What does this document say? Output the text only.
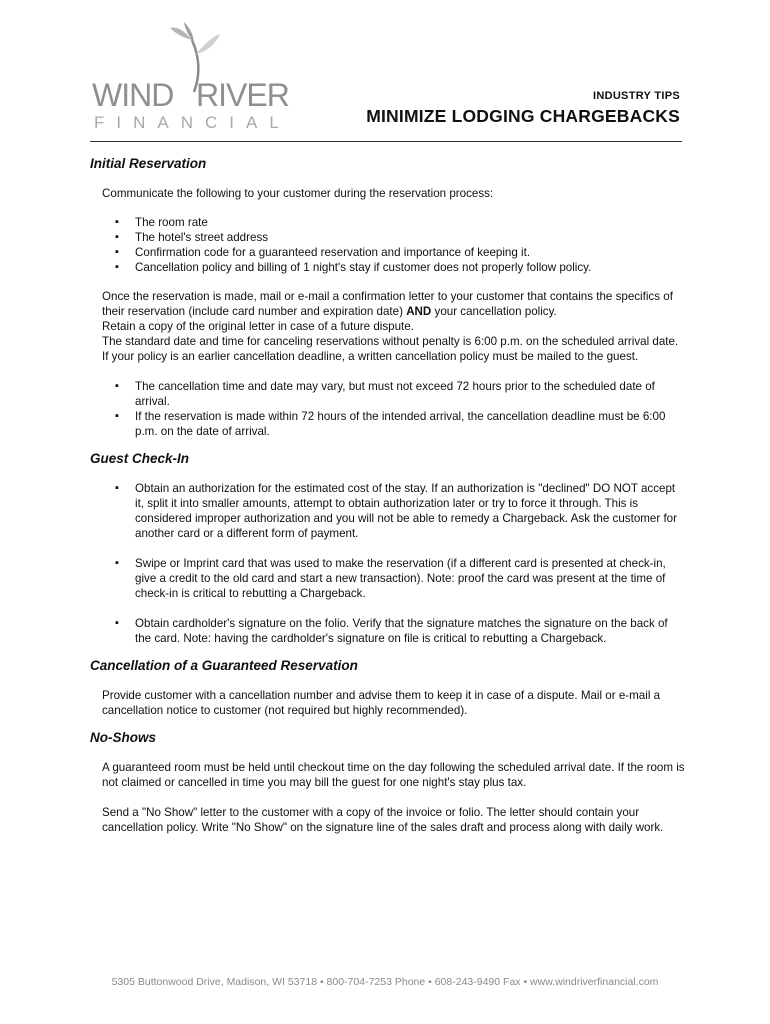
WIND RIVER
FINANCIAL
INDUSTRY TIPS
MINIMIZE LODGING CHARGEBACKS
Initial Reservation

Communicate the following to your customer during the reservation process:

▪ The room rate
▪ The hotel's street address
▪ Confirmation code for a guaranteed reservation and importance of keeping it.
▪ Cancellation policy and billing of 1 night's stay if customer does not properly follow policy.

Once the reservation is made, mail or e-mail a confirmation letter to your customer that contains the specifics of their reservation (include card number and expiration date) AND your cancellation policy.

Retain a copy of the original letter in case of a future dispute.

The standard date and time for canceling reservations without penalty is 6:00 p.m. on the scheduled arrival date. If your policy is an earlier cancellation deadline, a written cancellation policy must be mailed to the guest.

▪ The cancellation time and date may vary, but must not exceed 72 hours prior to the scheduled date of arrival.
▪ If the reservation is made within 72 hours of the intended arrival, the cancellation deadline must be 6:00 p.m. on the date of arrival.
Guest Check-In
▪ Obtain an authorization for the estimated cost of the stay. If an authorization is "declined" DO NOT accept it, split it into smaller amounts, attempt to obtain authorization later or try to force it through. This is considered improper authorization and you will not be able to remedy a Chargeback. Ask the customer for another card or a different form of payment.
▪ Swipe or Imprint card that was used to make the reservation (if a different card is presented at check-in, give a credit to the old card and start a new transaction). Note: proof the card was present at the time of check-in is critical to rebutting a Chargeback.
▪ Obtain cardholder's signature on the folio. Verify that the signature matches the signature on the back of the card. Note: having the cardholder's signature on file is critical to rebutting a Chargeback.
Cancellation of a Guaranteed Reservation

Provide customer with a cancellation number and advise them to keep it in case of a dispute. Mail or e-mail a cancellation notice to customer (not required but highly recommended).

No-Shows

A guaranteed room must be held until checkout time on the day following the scheduled arrival date. If the room is not claimed or cancelled in time you may bill the guest for one night's stay plus tax.

Send a "No Show" letter to the customer with a copy of the invoice or folio. The letter should contain your cancellation policy. Write "No Show" on the signature line of the sales draft and process along with daily work.

5305 Buttonwood Drive, Madison, WI 53718 • 800-704-7253 Phone • 608-243-9490 Fax • www.windriverfinancial.com
